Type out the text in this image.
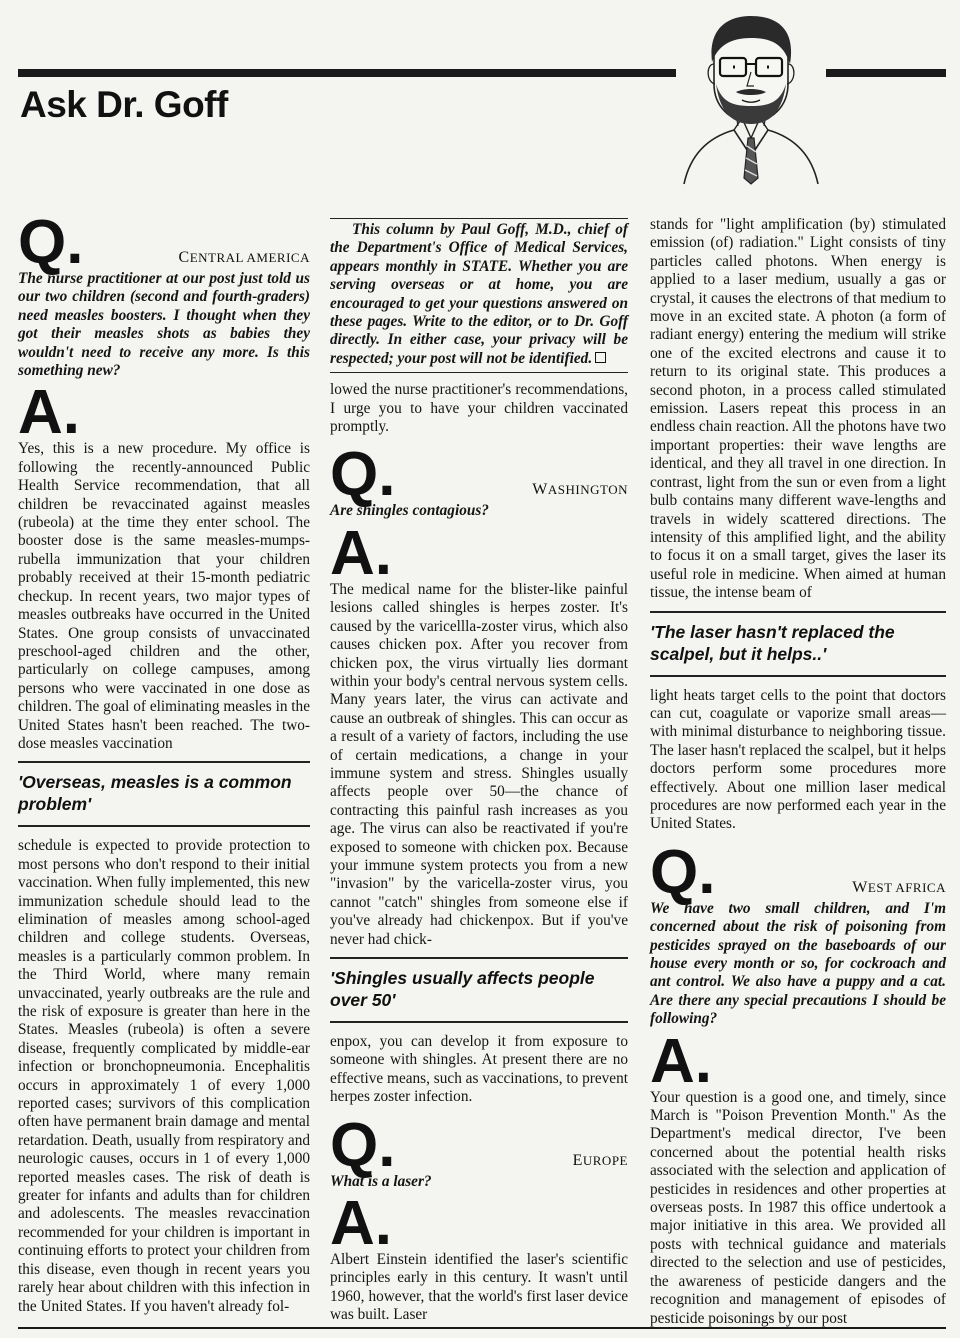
Ask Dr. Goff
Q.	CENTRAL AMERICA

The nurse practitioner at our post just told us our two children (second and fourth-graders) need measles boosters. I thought when they got their measles shots as babies they wouldn't need to receive any more. Is this something new?

A.

Yes, this is a new procedure. My office is following the recently-announced Public Health Service recommendation, that all children be revaccinated against measles (rubeola) at the time they enter school. The booster dose is the same measles-mumps-rubella immunization that your children probably received at their 15-month pediatric checkup. In recent years, two major types of measles outbreaks have occurred in the United States. One group consists of unvaccinated preschool-aged children and the other, particularly on college campuses, among persons who were vaccinated in one dose as children. The goal of eliminating measles in the United States hasn't been reached. The two-dose measles vaccination

'Overseas, measles is a common problem'

schedule is expected to provide protection to most persons who don't respond to their initial vaccination. When fully implemented, this new immunization schedule should lead to the elimination of measles among school-aged children and college students. Overseas, measles is a particularly common problem. In the Third World, where many remain unvaccinated, yearly outbreaks are the rule and the risk of exposure is greater than here in the States. Measles (rubeola) is often a severe disease, frequently complicated by middle-ear infection or bronchopneumonia. Encephalitis occurs in approximately 1 of every 1,000 reported cases; survivors of this complication often have permanent brain damage and mental retardation. Death, usually from respiratory and neurologic causes, occurs in 1 of every 1,000 reported measles cases. The risk of death is greater for infants and adults than for children and adolescents. The measles revaccination recommended for your children is important in continuing efforts to protect your children from this disease, even though in recent years you rarely hear about children with this infection in the United States. If you haven't already fol-

This column by Paul Goff, M.D., chief of the Department's Office of Medical Services, appears monthly in STATE. Whether you are serving overseas or at home, you are encouraged to get your questions answered on these pages. Write to the editor, or to Dr. Goff directly. In either case, your privacy will be respected; your post will not be identified.

lowed the nurse practitioner's recommendations, I urge you to have your children vaccinated promptly.

Q.	WASHINGTON

Are shingles contagious?

A.

The medical name for the blister-like painful lesions called shingles is herpes zoster. It's caused by the varicellla-zoster virus, which also causes chicken pox. After you recover from chicken pox, the virus virtually lies dormant within your body's central nervous system cells. Many years later, the virus can activate and cause an outbreak of shingles. This can occur as a result of a variety of factors, including the use of certain medications, a change in your immune system and stress. Shingles usually affects people over 50—the chance of contracting this painful rash increases as you age. The virus can also be reactivated if you're exposed to someone with chicken pox. Because your immune system protects you from a new "invasion" by the varicella-zoster virus, you cannot "catch" shingles from someone else if you've already had chickenpox. But if you've never had chick-

'Shingles usually affects people over 50'

enpox, you can develop it from exposure to someone with shingles. At present there are no effective means, such as vaccinations, to prevent herpes zoster infection.

Q.	EUROPE

What is a laser?

A.

Albert Einstein identified the laser's scientific principles early in this century. It wasn't until 1960, however, that the world's first laser device was built. Laser

stands for "light amplification (by) stimulated emission (of) radiation." Light consists of tiny particles called photons. When energy is applied to a laser medium, usually a gas or crystal, it causes the electrons of that medium to move in an excited state. A photon (a form of radiant energy) entering the medium will strike one of the excited electrons and cause it to return to its original state. This produces a second photon, in a process called stimulated emission. Lasers repeat this process in an endless chain reaction. All the photons have two important properties: their wave lengths are identical, and they all travel in one direction. In contrast, light from the sun or even from a light bulb contains many different wave-lengths and travels in widely scattered directions. The intensity of this amplified light, and the ability to focus it on a small target, gives the laser its useful role in medicine. When aimed at human tissue, the intense beam of

'The laser hasn't replaced the scalpel, but it helps..'

light heats target cells to the point that doctors can cut, coagulate or vaporize small areas—with minimal disturbance to neighboring tissue. The laser hasn't replaced the scalpel, but it helps doctors perform some procedures more effectively. About one million laser medical procedures are now performed each year in the United States.

Q.	WEST AFRICA

We have two small children, and I'm concerned about the risk of poisoning from pesticides sprayed on the baseboards of our house every month or so, for cockroach and ant control. We also have a puppy and a cat. Are there any special precautions I should be following?

A.

Your question is a good one, and timely, since March is "Poison Prevention Month." As the Department's medical director, I've been concerned about the potential health risks associated with the selection and application of pesticides in residences and other properties at overseas posts. In 1987 this office undertook a major initiative in this area. We provided all posts with technical guidance and materials directed to the selection and use of pesticides, the awareness of pesticide dangers and the recognition and management of episodes of pesticide poisonings by our post
